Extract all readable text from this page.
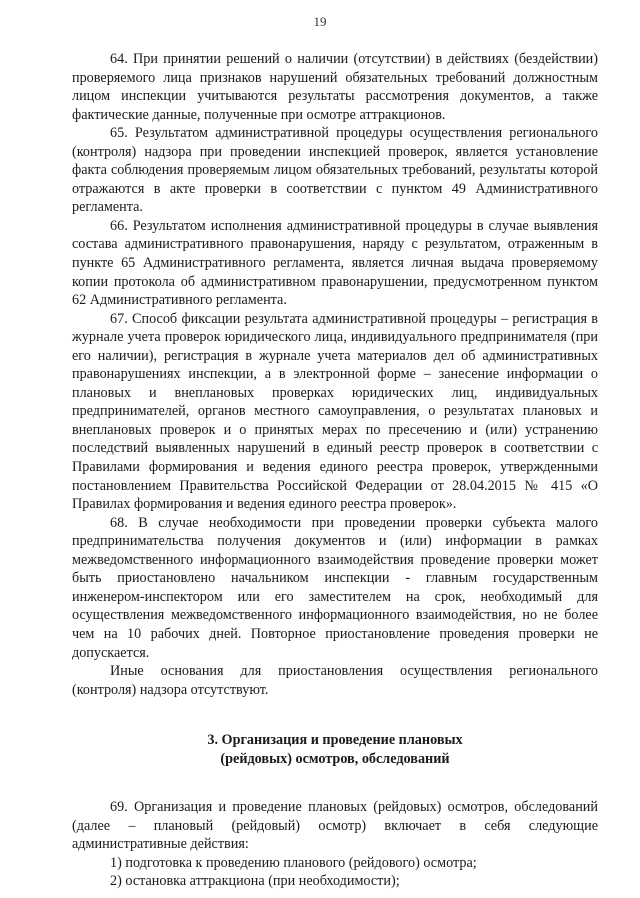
19

64. При принятии решений о наличии (отсутствии) в действиях (бездействии) проверяемого лица признаков нарушений обязательных требований должностным лицом инспекции учитываются результаты рассмотрения документов, а также фактические данные, полученные при осмотре аттракционов.

65. Результатом административной процедуры осуществления регионального (контроля) надзора при проведении инспекцией проверок, является установление факта соблюдения проверяемым лицом обязательных требований, результаты которой отражаются в акте проверки в соответствии с пунктом 49 Административного регламента.

66. Результатом исполнения административной процедуры в случае выявления состава административного правонарушения, наряду с результатом, отраженным в пункте 65 Административного регламента, является личная выдача проверяемому копии протокола об административном правонарушении, предусмотренном пунктом 62 Административного регламента.

67. Способ фиксации результата административной процедуры – регистрация в журнале учета проверок юридического лица, индивидуального предпринимателя (при его наличии), регистрация в журнале учета материалов дел об административных правонарушениях инспекции, а в электронной форме – занесение информации о плановых и внеплановых проверках юридических лиц, индивидуальных предпринимателей, органов местного самоуправления, о результатах плановых и внеплановых проверок и о принятых мерах по пресечению и (или) устранению последствий выявленных нарушений в единый реестр проверок в соответствии с Правилами формирования и ведения единого реестра проверок, утвержденными постановлением Правительства Российской Федерации от 28.04.2015 № 415 «О Правилах формирования и ведения единого реестра проверок».

68. В случае необходимости при проведении проверки субъекта малого предпринимательства получения документов и (или) информации в рамках межведомственного информационного взаимодействия проведение проверки может быть приостановлено начальником инспекции - главным государственным инженером-инспектором или его заместителем на срок, необходимый для осуществления межведомственного информационного взаимодействия, но не более чем на 10 рабочих дней. Повторное приостановление проведения проверки не допускается.

Иные основания для приостановления осуществления регионального (контроля) надзора отсутствуют.

3. Организация и проведение плановых
(рейдовых) осмотров, обследований

69. Организация и проведение плановых (рейдовых) осмотров, обследований (далее – плановый (рейдовый) осмотр) включает в себя следующие административные действия:

1) подготовка к проведению планового (рейдового) осмотра;

2) остановка аттракциона (при необходимости);
